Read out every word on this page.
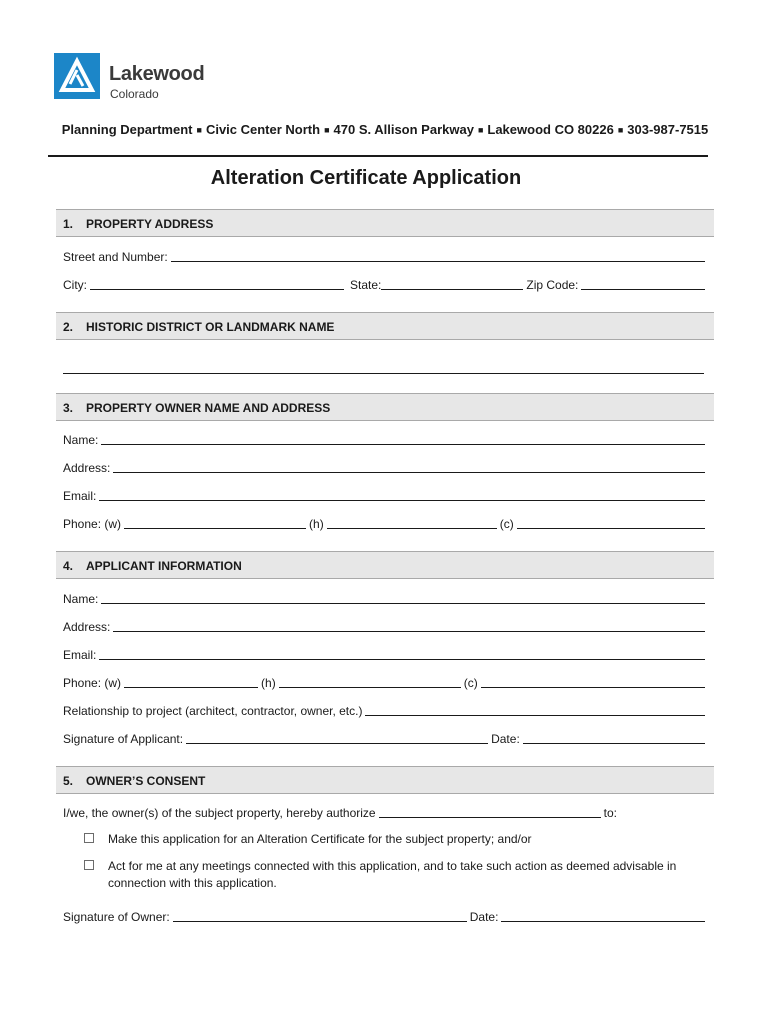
Lakewood
Colorado
Planning Department ■ Civic Center North ■ 470 S. Allison Parkway ■ Lakewood CO 80226 ■ 303-987-7515
Alteration Certificate Application
1. PROPERTY ADDRESS
Street and Number:
City:	State:	Zip Code:
2. HISTORIC DISTRICT OR LANDMARK NAME
3. PROPERTY OWNER NAME AND ADDRESS
Name:
Address:
Email:
Phone: (w)	(h)	(c)
4. APPLICANT INFORMATION
Name:
Address:
Email:
Phone: (w)	(h)	(c)
Relationship to project (architect, contractor, owner, etc.)
Signature of Applicant:	Date:
5. OWNER’S CONSENT
I/we, the owner(s) of the subject property, hereby authorize	to:
Make this application for an Alteration Certificate for the subject property; and/or
Act for me at any meetings connected with this application, and to take such action as deemed advisable in connection with this application.
Signature of Owner:	Date:
